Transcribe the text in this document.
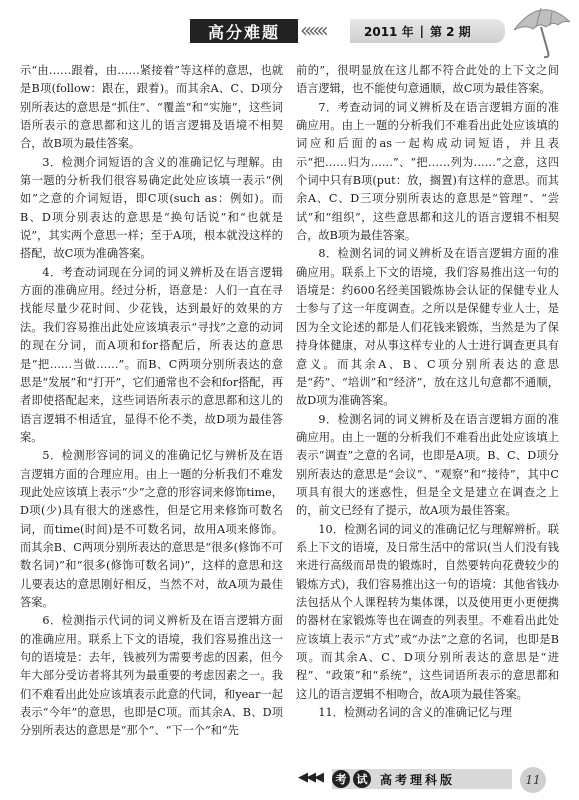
高分难题	«««	2011 年 | 第 2 期

示“由……跟着，由……紧接着”等这样的意思，也就是B项(follow：跟在，跟着)。而其余A、C、D项分别所表达的意思是“抓住”、“覆盖”和“实施”，这些词语所表示的意思都和这儿的语言逻辑及语境不相契合，故B项为最佳答案。

3．检测介词短语的含义的准确记忆与理解。由第一题的分析我们很容易确定此处应该填一表示“例如”之意的介词短语，即C项(such as：例如)。而B、D项分别表达的意思是“换句话说”和“也就是说”，其实两个意思一样；至于A项，根本就没这样的搭配，故C项为准确答案。

4．考查动词现在分词的词义辨析及在语言逻辑方面的准确应用。经过分析，语意是：人们一直在寻找能尽量少花时间、少花钱，达到最好的效果的方法。我们容易推出此处应该填表示“寻找”之意的动词的现在分词，而A项和for搭配后，所表达的意思是“把……当做……”。而B、C两项分别所表达的意思是“发展”和“打开”，它们通常也不会和for搭配，再者即使搭配起来，这些词语所表示的意思都和这儿的语言逻辑不相适宜，显得不伦不类，故D项为最佳答案。

5．检测形容词的词义的准确记忆与辨析及在语言逻辑方面的合理应用。由上一题的分析我们不难发现此处应该填上表示“少”之意的形容词来修饰time，D项(少)具有很大的迷惑性，但是它用来修饰可数名词，而time(时间)是不可数名词，故用A项来修饰。而其余B、C两项分别所表达的意思是“很多(修饰不可数名词)”和“很多(修饰可数名词)”，这样的意思和这儿要表达的意思刚好相反，当然不对，故A项为最佳答案。

6．检测指示代词的词义辨析及在语言逻辑方面的准确应用。联系上下文的语境，我们容易推出这一句的语境是：去年，钱被列为需要考虑的因素，但今年大部分受访者将其列为最重要的考虑因素之一。我们不难看出此处应该填表示此意的代词，和year一起表示“今年”的意思，也即是C项。而其余A、B、D项分别所表达的意思是“那个”、“下一个”和“先

前的”，很明显放在这儿都不符合此处的上下文之间语言逻辑，也不能使句意通顺，故C项为最佳答案。

7．考查动词的词义辨析及在语言逻辑方面的准确应用。由上一题的分析我们不难看出此处应该填的词应和后面的as一起构成动词短语，并且表示“把……归为……”、“把……列为……”之意，这四个词中只有B项(put：放，搁置)有这样的意思。而其余A、C、D三项分别所表达的意思是“管理”、“尝试”和“组织”，这些意思都和这儿的语言逻辑不相契合，故B项为最佳答案。

8．检测名词的词义辨析及在语言逻辑方面的准确应用。联系上下文的语境，我们容易推出这一句的语境是：约600名经美国锻炼协会认证的保健专业人士参与了这一年度调查。之所以是保健专业人士，是因为全文论述的都是人们花钱来锻炼，当然是为了保持身体健康，对从事这样专业的人士进行调查更具有意义。而其余A、B、C项分别所表达的意思是“药”、“培训”和“经济”，放在这儿句意都不通顺，故D项为准确答案。

9．检测名词的词义辨析及在语言逻辑方面的准确应用。由上一题的分析我们不难看出此处应该填上表示“调查”之意的名词，也即是A项。B、C、D项分别所表达的意思是“会议”、“观察”和“接待”，其中C项具有很大的迷惑性，但是全文是建立在调查之上的，前文已经有了提示，故A项为最佳答案。

10．检测名词的词义的准确记忆与理解辨析。联系上下文的语境，及日常生活中的常识(当人们没有钱来进行高级而昂贵的锻炼时，自然要转向花费较少的锻炼方式)，我们容易推出这一句的语境：其他省钱办法包括从个人课程转为集体课，以及使用更小更便携的器材在家锻炼等也在调查的列表里。不难看出此处应该填上表示“方式”或“办法”之意的名词，也即是B项。而其余A、C、D项分别所表达的意思是“进程”、“政策”和“系统”，这些词语所表示的意思都和这儿的语言逻辑不相吻合，故A项为最佳答案。

11．检测动名词的含义的准确记忆与理

◀◀◀	考 试 高考理科版	11
